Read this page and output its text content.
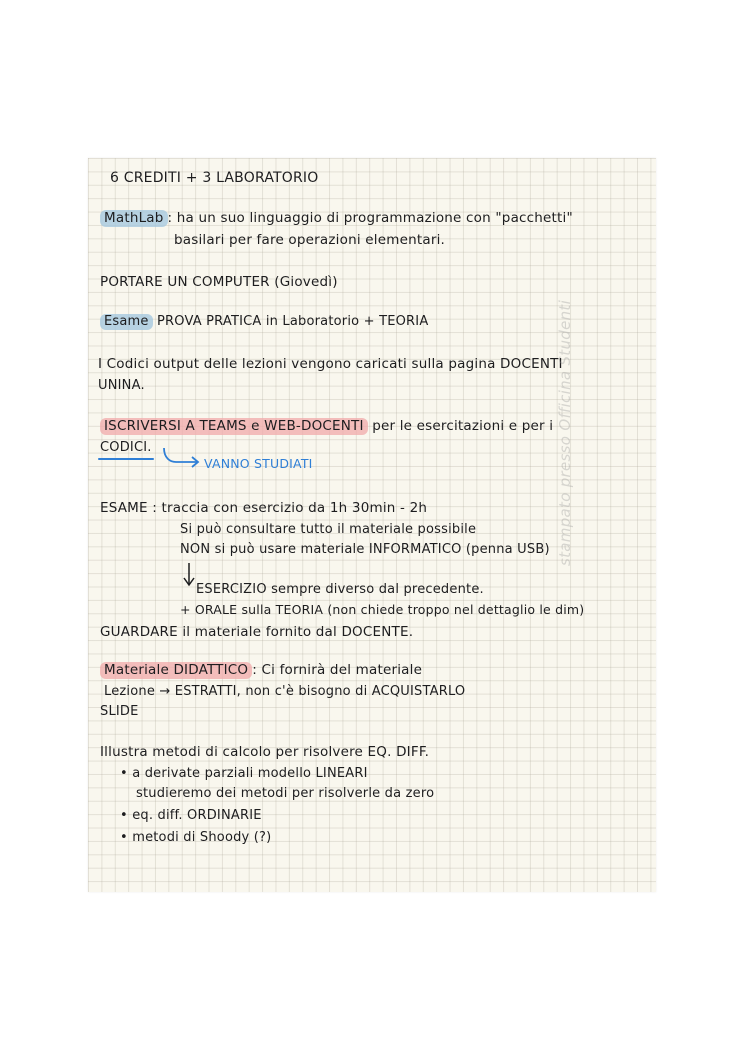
6 CREDITI + 3 LABORATORIO
MathLab : ha un suo linguaggio di programmazione con "pacchetti"
basilari per fare operazioni elementari.
PORTARE UN COMPUTER (Giovedì)
Esame PROVA PRATICA in Laboratorio + TEORIA
I Codici output delle lezioni vengono caricati sulla pagina DOCENTI
UNINA.
ISCRIVERSI A TEAMS e WEB-DOCENTI per le esercitazioni e per i
CODICI.
VANNO STUDIATI
ESAME : traccia con esercizio da 1h 30min - 2h
Si può consultare tutto il materiale possibile
NON si può usare materiale INFORMATICO (penna USB)
ESERCIZIO sempre diverso dal precedente.
+ ORALE sulla TEORIA (non chiede troppo nel dettaglio le dim)
GUARDARE il materiale fornito dal DOCENTE.
Materiale DIDATTICO : Ci fornirà del materiale
Lezione → ESTRATTI, non c'è bisogno di ACQUISTARLO
SLIDE
Illustra metodi di calcolo per risolvere EQ. DIFF.
• a derivate parziali modello LINEARI
studieremo dei metodi per risolverle da zero
• eq. diff. ORDINARIE
• metodi di Shoody (?)
stampato presso Officina Studenti
